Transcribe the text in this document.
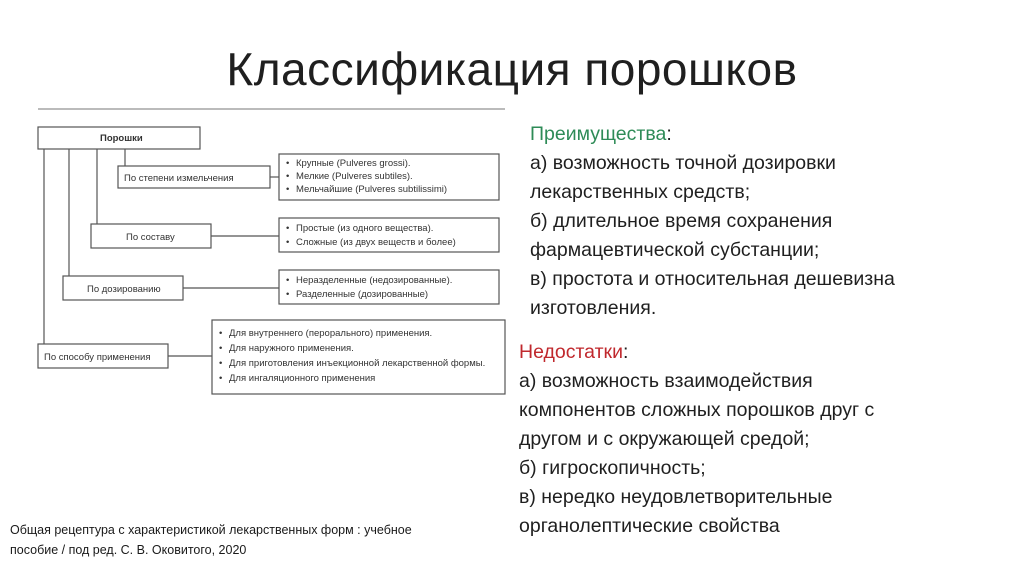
Классификация порошков
Порошки
По степени измельчения
• Крупные (Pulveres grossi).
• Мелкие (Pulveres subtiles).
• Мельчайшие (Pulveres subtilissimi)
По составу
• Простые (из одного вещества).
• Сложные (из двух веществ и более)
По дозированию
• Неразделенные (недозированные).
• Разделенные (дозированные)
По способу применения
• Для внутреннего (перорального) применения.
• Для наружного применения.
• Для приготовления инъекционной лекарственной формы.
• Для ингаляционного применения
Преимущества:
а) возможность точной дозировки
лекарственных средств;
б) длительное время сохранения
фармацевтической субстанции;
в) простота и относительная дешевизна
изготовления.
Недостатки:
а) возможность взаимодействия
компонентов сложных порошков друг с
другом и с окружающей средой;
б) гигроскопичность;
в) нередко неудовлетворительные
органолептические свойства
Общая рецептура с характеристикой лекарственных форм : учебное
пособие / под ред. С. В. Оковитого, 2020
